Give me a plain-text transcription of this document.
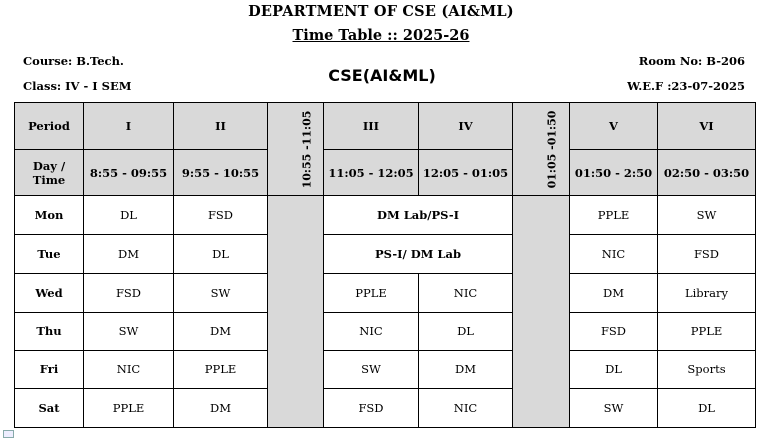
DEPARTMENT OF CSE (AI&ML)
Time Table :: 2025-26
Course: B.Tech.
Class: IV - I SEM
CSE(AI&ML)
Room No: B-206
W.E.F :23-07-2025
Period	I	II	10:55 -11:05	III	IV	01:05 -01:50	V	VI
Day / Time	8:55 - 09:55	9:55 - 10:55		11:05 - 12:05	12:05 - 01:05		01:50 - 2:50	02:50 - 03:50
Mon	DL	FSD		DM Lab/PS-I			PPLE	SW
Tue	DM	DL		PS-I/ DM Lab			NIC	FSD
Wed	FSD	SW		PPLE	NIC		DM	Library
Thu	SW	DM		NIC	DL		FSD	PPLE
Fri	NIC	PPLE		SW	DM		DL	Sports
Sat	PPLE	DM		FSD	NIC		SW	DL
